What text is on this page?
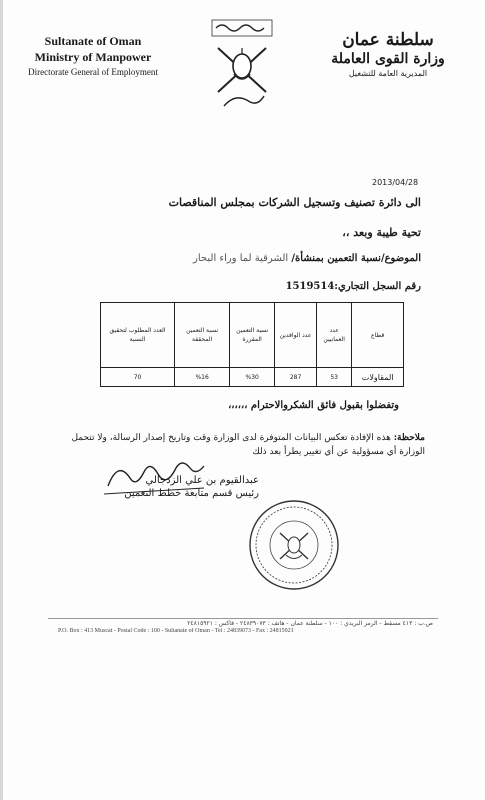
Sultanate of Oman
Ministry of Manpower
Directorate General of Employment
سلطنة عمان
وزارة القوى العاملة
المديرية العامة للتشغيل
2013/04/28
الى دائرة تصنيف وتسجيل الشركات بمجلس المناقصات
تحية طيبة وبعد ،،
الموضوع/نسبة التعمين بمنشأة/ الشرقية لما وراء البحار
رقم السجل التجاري:1519514
قطاع	عدد العمانيين	عدد الوافدين	نسبة التعمين المقررة	نسبة التعمين المحققة	العدد المطلوب لتحقيق النسبة
المقاولات	53	287	%30	%16	70
وتفضلوا بقبول فائق الشكروالاحترام ،،،،،،
ملاحظة: هذه الإفادة تعكس البيانات المتوفرة لدى الوزارة وقت وتاريخ إصدار الرسالة، ولا تتحمل الوزارة أي مسؤولية عن أي تغيير يطرأ بعد ذلك
عبدالقيوم بن علي الزدجالي
رئيس قسم متابعة خطط التعمين
ص.ب : ٤١٣ مسقط - الرمز البريدي : ١٠٠ - سلطنة عمان - هاتف : ٢٤٨٣٩٠٧٣ - فاكس : ٢٤٨١٥٩٢١
P.O. Box : 413 Muscat - Postal Code : 100 - Sultanate of Oman - Tel : 24839073 - Fax : 24815921
